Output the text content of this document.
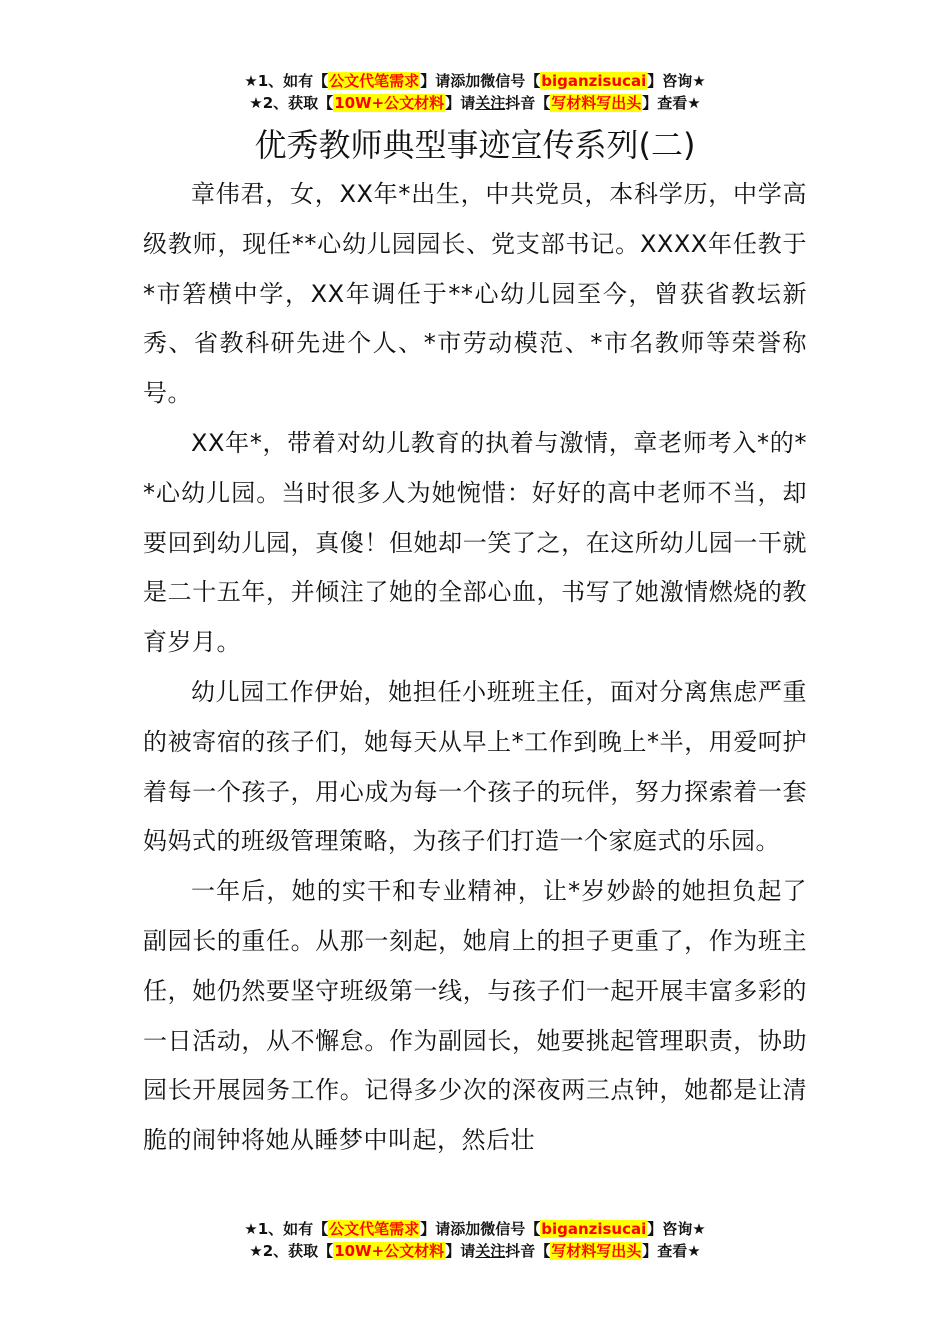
★1、如有【公文代笔需求】请添加微信号【biganzisucai】咨询★
★2、获取【10W+公文材料】请关注抖音【写材料写出头】查看★
优秀教师典型事迹宣传系列(二)

章伟君，女，XX年*出生，中共党员，本科学历，中学高级教师，现任**心幼儿园园长、党支部书记。XXXX年任教于*市箬横中学，XX年调任于**心幼儿园至今，曾获省教坛新秀、省教科研先进个人、*市劳动模范、*市名教师等荣誉称号。

XX年*，带着对幼儿教育的执着与激情，章老师考入*的**心幼儿园。当时很多人为她惋惜：好好的高中老师不当，却要回到幼儿园，真傻！但她却一笑了之，在这所幼儿园一干就是二十五年，并倾注了她的全部心血，书写了她激情燃烧的教育岁月。

幼儿园工作伊始，她担任小班班主任，面对分离焦虑严重的被寄宿的孩子们，她每天从早上*工作到晚上*半，用爱呵护着每一个孩子，用心成为每一个孩子的玩伴，努力探索着一套妈妈式的班级管理策略，为孩子们打造一个家庭式的乐园。

一年后，她的实干和专业精神，让*岁妙龄的她担负起了副园长的重任。从那一刻起，她肩上的担子更重了，作为班主任，她仍然要坚守班级第一线，与孩子们一起开展丰富多彩的一日活动，从不懈怠。作为副园长，她要挑起管理职责，协助园长开展园务工作。记得多少次的深夜两三点钟，她都是让清脆的闹钟将她从睡梦中叫起，然后壮

★1、如有【公文代笔需求】请添加微信号【biganzisucai】咨询★
★2、获取【10W+公文材料】请关注抖音【写材料写出头】查看★
